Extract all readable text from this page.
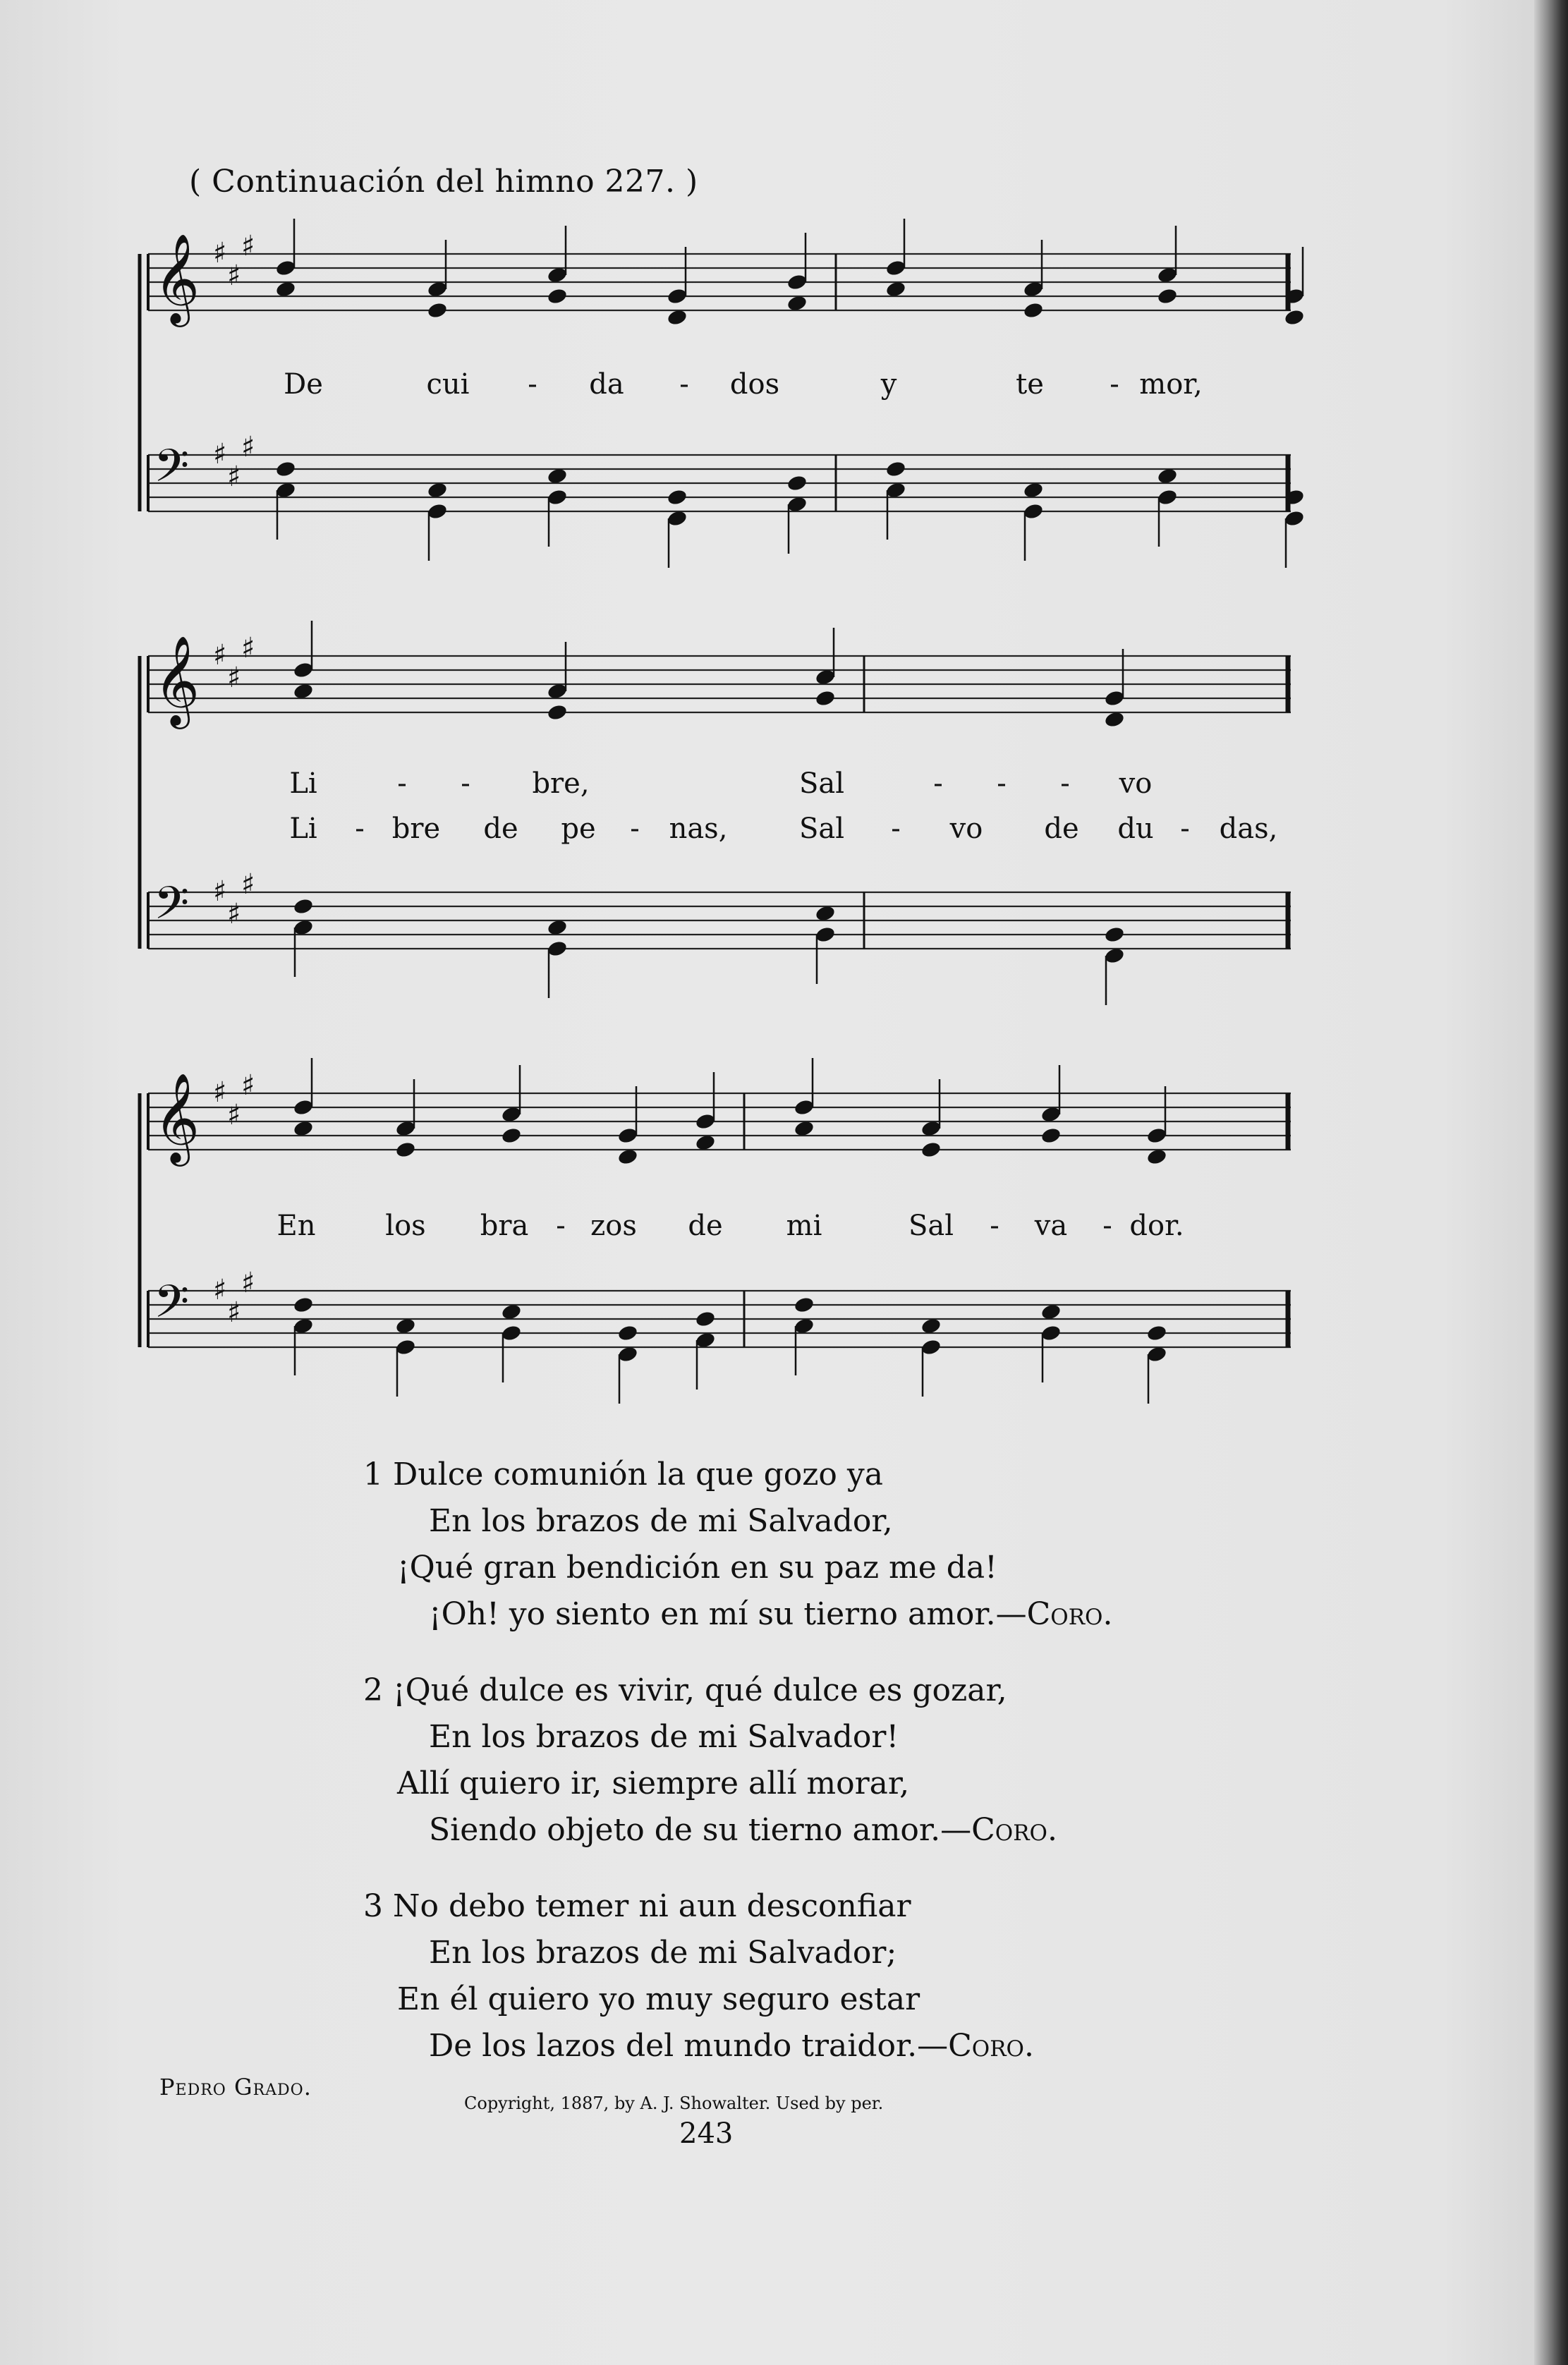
( Continuación del himno 227. )
𝄞 ♯
♯
♯
𝄢 ♯
♯
♯
De	cui - da - dos	y	te - mor,
𝄞 ♯
♯
♯
𝄢 ♯
♯
♯
Li	- - bre,	Sal	- - - vo
Li - bre de pe - nas,	Sal - vo de du - das,
𝄞 ♯
♯
♯
𝄢 ♯
♯
♯
En los bra - zos de mi	Sal - va - dor.
1 Dulce comunión la que gozo ya
En los brazos de mi Salvador,
¡Qué gran bendición en su paz me da!
¡Oh! yo siento en mí su tierno amor.—Coro.
2 ¡Qué dulce es vivir, qué dulce es gozar,
En los brazos de mi Salvador!
Allí quiero ir, siempre allí morar,
Siendo objeto de su tierno amor.—Coro.
3 No debo temer ni aun desconfiar
En los brazos de mi Salvador;
En él quiero yo muy seguro estar
De los lazos del mundo traidor.—Coro.
Pedro Grado.
Copyright, 1887, by A. J. Showalter. Used by per.
243
